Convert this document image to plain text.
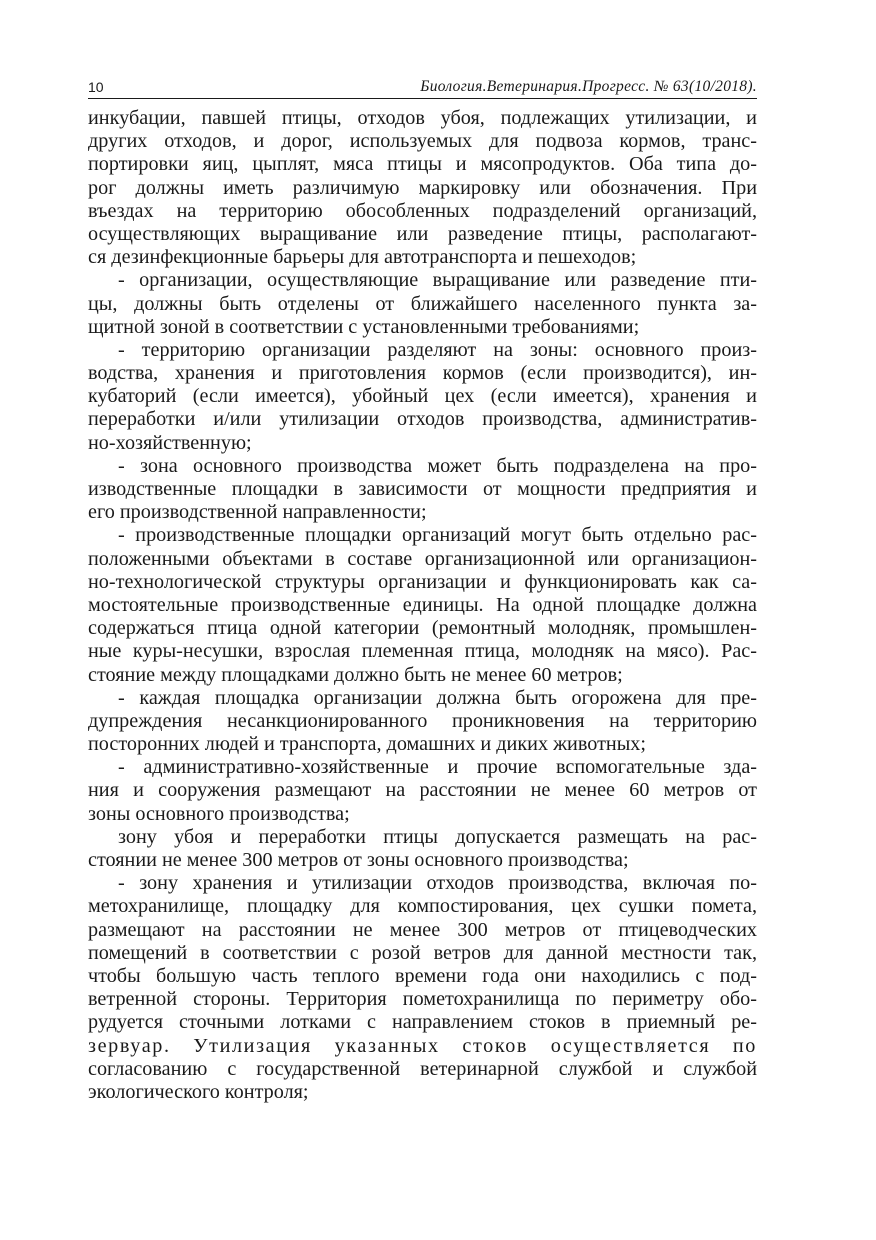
10	Биология.Ветеринария.Прогресс. № 63(10/2018).
инкубации, павшей птицы, отходов убоя, подлежащих утилизации, и
других отходов, и дорог, используемых для подвоза кормов, транс-
портировки яиц, цыплят, мяса птицы и мясопродуктов. Оба типа до-
рог должны иметь различимую маркировку или обозначения. При
въездах на территорию обособленных подразделений организаций,
осуществляющих выращивание или разведение птицы, располагают-
ся дезинфекционные барьеры для автотранспорта и пешеходов;
- организации, осуществляющие выращивание или разведение пти-
цы, должны быть отделены от ближайшего населенного пункта за-
щитной зоной в соответствии с установленными требованиями;
- территорию организации разделяют на зоны: основного произ-
водства, хранения и приготовления кормов (если производится), ин-
кубаторий (если имеется), убойный цех (если имеется), хранения и
переработки и/или утилизации отходов производства, административ-
но-хозяйственную;
- зона основного производства может быть подразделена на про-
изводственные площадки в зависимости от мощности предприятия и
его производственной направленности;
- производственные площадки организаций могут быть отдельно рас-
положенными объектами в составе организационной или организацион-
но-технологической структуры организации и функционировать как са-
мостоятельные производственные единицы. На одной площадке должна
содержаться птица одной категории (ремонтный молодняк, промышлен-
ные куры-несушки, взрослая племенная птица, молодняк на мясо). Рас-
стояние между площадками должно быть не менее 60 метров;
- каждая площадка организации должна быть огорожена для пре-
дупреждения несанкционированного проникновения на территорию
посторонних людей и транспорта, домашних и диких животных;
- административно-хозяйственные и прочие вспомогательные зда-
ния и сооружения размещают на расстоянии не менее 60 метров от
зоны основного производства;
зону убоя и переработки птицы допускается размещать на рас-
стоянии не менее 300 метров от зоны основного производства;
- зону хранения и утилизации отходов производства, включая по-
метохранилище, площадку для компостирования, цех сушки помета,
размещают на расстоянии не менее 300 метров от птицеводческих
помещений в соответствии с розой ветров для данной местности так,
чтобы большую часть теплого времени года они находились с под-
ветренной стороны. Территория пометохранилища по периметру обо-
рудуется сточными лотками с направлением стоков в приемный ре-
зервуар. Утилизация указанных стоков осуществляется по
согласованию с государственной ветеринарной службой и службой
экологического контроля;
